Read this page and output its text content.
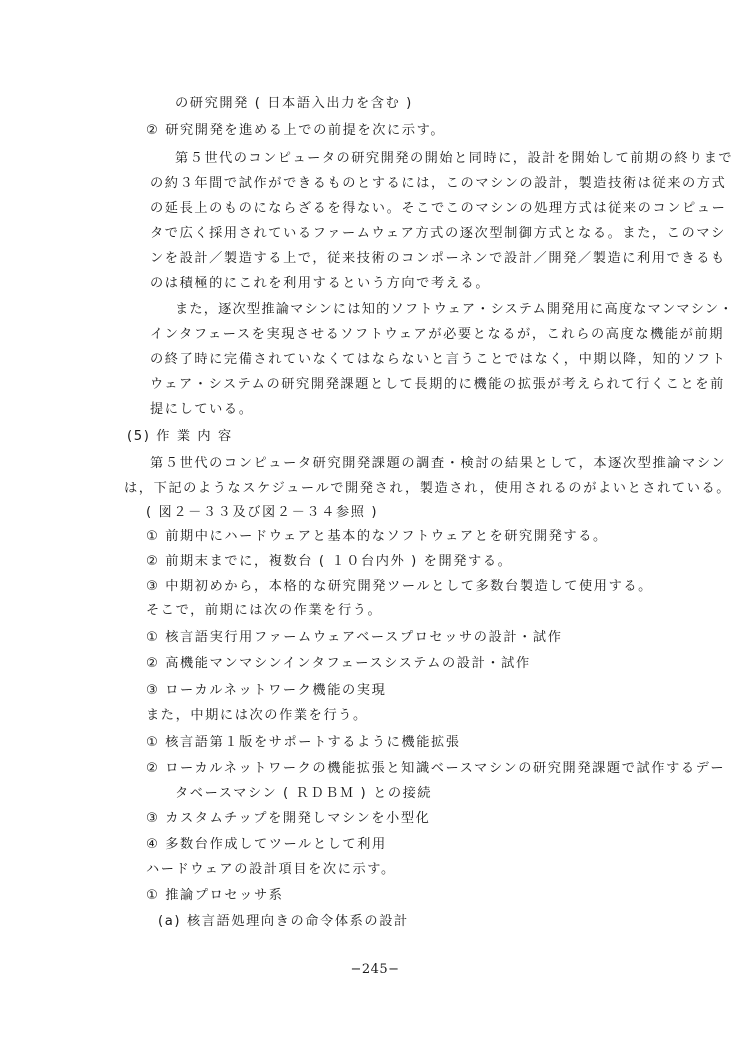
の研究開発 ( 日本語入出力を含む )
② 研究開発を進める上での前提を次に示す。
第５世代のコンピュータの研究開発の開始と同時に，設計を開始して前期の終りまで
の約３年間で試作ができるものとするには，このマシンの設計，製造技術は従来の方式
の延長上のものにならざるを得ない。そこでこのマシンの処理方式は従来のコンピュー
タで広く採用されているファームウェア方式の逐次型制御方式となる。また，このマシ
ンを設計／製造する上で，従来技術のコンポーネンで設計／開発／製造に利用できるも
のは積極的にこれを利用するという方向で考える。
また，逐次型推論マシンには知的ソフトウェア・システム開発用に高度なマンマシン・
インタフェースを実現させるソフトウェアが必要となるが，これらの高度な機能が前期
の終了時に完備されていなくてはならないと言うことではなく，中期以降，知的ソフト
ウェア・システムの研究開発課題として長期的に機能の拡張が考えられて行くことを前
提にしている。
(5) 作 業 内 容
第５世代のコンピュータ研究開発課題の調査・検討の結果として，本逐次型推論マシン
は，下記のようなスケジュールで開発され，製造され，使用されるのがよいとされている。
( 図２－３３及び図２－３４参照 )
① 前期中にハードウェアと基本的なソフトウェアとを研究開発する。
② 前期末までに，複数台 ( １０台内外 ) を開発する。
③ 中期初めから，本格的な研究開発ツールとして多数台製造して使用する。
そこで，前期には次の作業を行う。
① 核言語実行用ファームウェアベースプロセッサの設計・試作
② 高機能マンマシンインタフェースシステムの設計・試作
③ ローカルネットワーク機能の実現
また，中期には次の作業を行う。
① 核言語第１版をサポートするように機能拡張
② ローカルネットワークの機能拡張と知識ベースマシンの研究開発課題で試作するデー
タベースマシン ( ＲＤＢＭ ) との接続
③ カスタムチップを開発しマシンを小型化
④ 多数台作成してツールとして利用
ハードウェアの設計項目を次に示す。
① 推論プロセッサ系
(a) 核言語処理向きの命令体系の設計
−245−
